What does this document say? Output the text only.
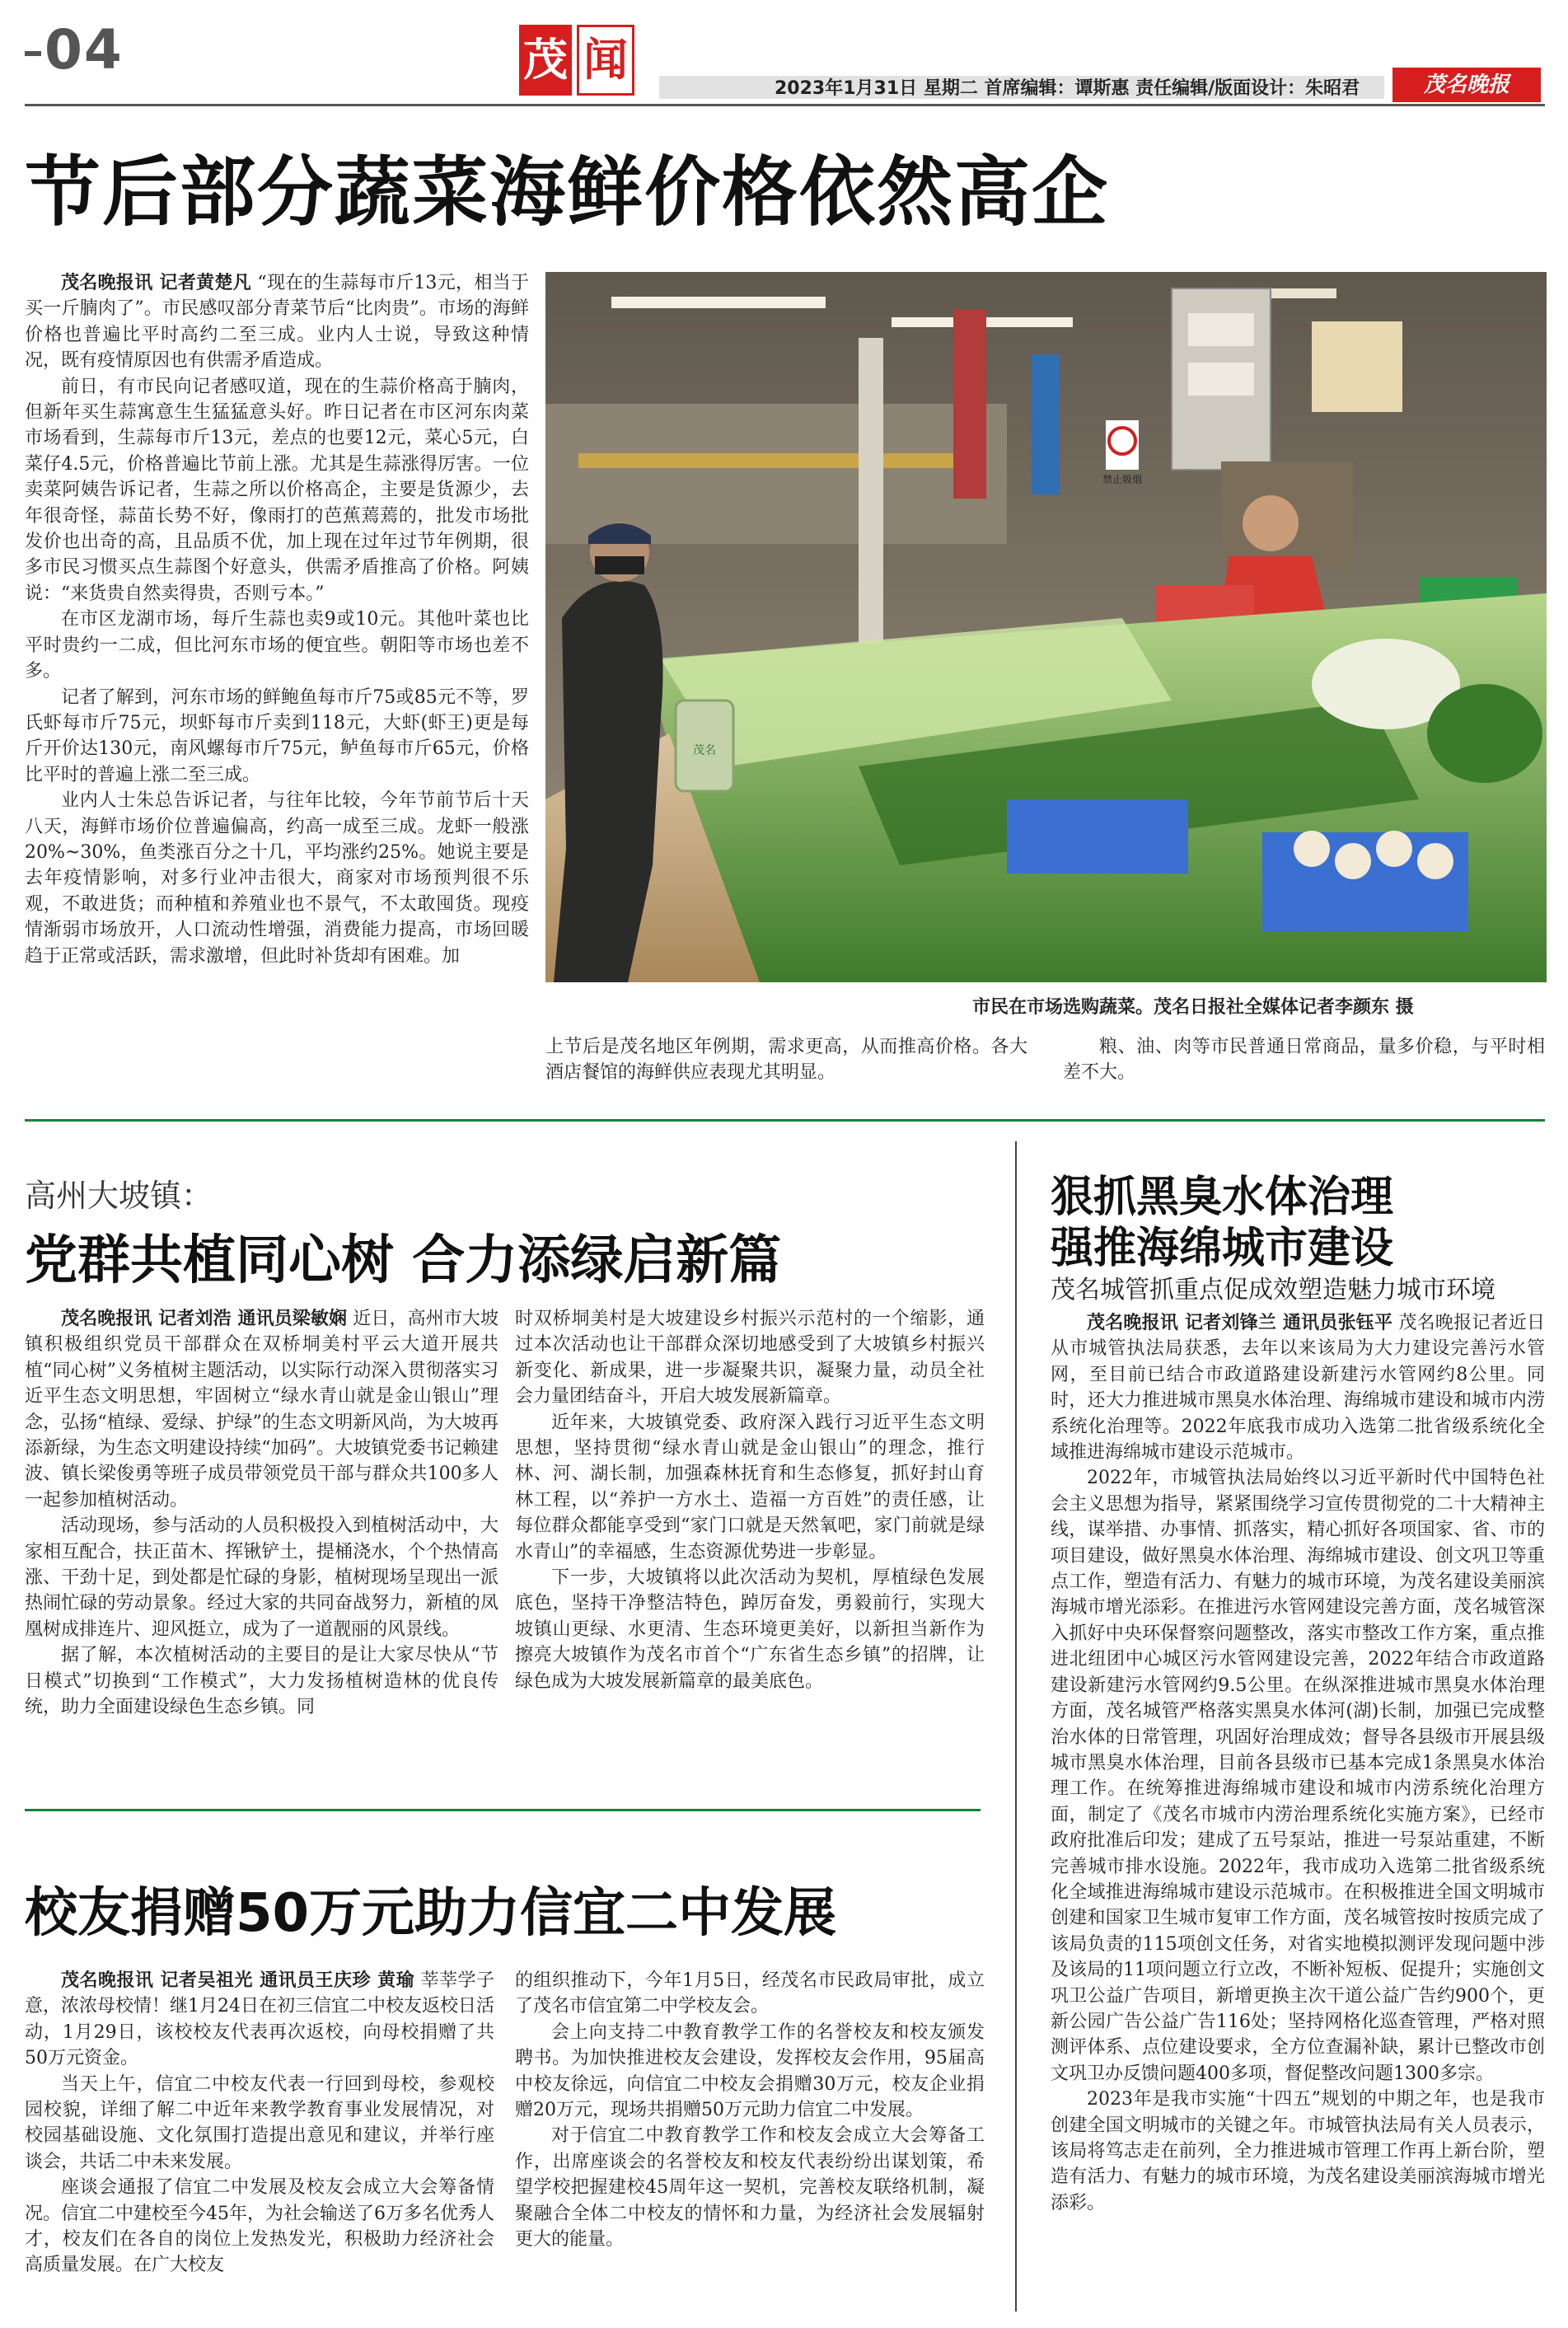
04	茂 闻
2023年1月31日 星期二 首席编辑：谭斯惠 责任编辑/版面设计：朱昭君	茂名晚报
节后部分蔬菜海鲜价格依然高企

茂名晚报讯 记者黄楚凡 “现在的生蒜每市斤13元，相当于买一斤腩肉了”。市民感叹部分青菜节后“比肉贵”。市场的海鲜价格也普遍比平时高约二至三成。业内人士说，导致这种情况，既有疫情原因也有供需矛盾造成。

前日，有市民向记者感叹道，现在的生蒜价格高于腩肉，但新年买生蒜寓意生生猛猛意头好。昨日记者在市区河东肉菜市场看到，生蒜每市斤13元，差点的也要12元，菜心5元，白菜仔4.5元，价格普遍比节前上涨。尤其是生蒜涨得厉害。一位卖菜阿姨告诉记者，生蒜之所以价格高企，主要是货源少，去年很奇怪，蒜苗长势不好，像雨打的芭蕉蔫蔫的，批发市场批发价也出奇的高，且品质不优，加上现在过年过节年例期，很多市民习惯买点生蒜图个好意头，供需矛盾推高了价格。阿姨说：“来货贵自然卖得贵，否则亏本。”

在市区龙湖市场，每斤生蒜也卖9或10元。其他叶菜也比平时贵约一二成，但比河东市场的便宜些。朝阳等市场也差不多。

记者了解到，河东市场的鲜鲍鱼每市斤75或85元不等，罗氏虾每市斤75元，坝虾每市斤卖到118元，大虾(虾王)更是每斤开价达130元，南风螺每市斤75元，鲈鱼每市斤65元，价格比平时的普遍上涨二至三成。

业内人士朱总告诉记者，与往年比较，今年节前节后十天八天，海鲜市场价位普遍偏高，约高一成至三成。龙虾一般涨20%~30%，鱼类涨百分之十几，平均涨约25%。她说主要是去年疫情影响，对多行业冲击很大，商家对市场预判很不乐观，不敢进货；而种植和养殖业也不景气，不太敢囤货。现疫情渐弱市场放开，人口流动性增强，消费能力提高，市场回暖趋于正常或活跃，需求激增，但此时补货却有困难。加

禁止吸烟
茂名
市民在市场选购蔬菜。茂名日报社全媒体记者李颜东 摄

上节后是茂名地区年例期，需求更高，从而推高价格。各大酒店餐馆的海鲜供应表现尤其明显。

粮、油、肉等市民普通日常商品，量多价稳，与平时相差不大。

高州大坡镇：
党群共植同心树 合力添绿启新篇

茂名晚报讯 记者刘浩 通讯员梁敏娴 近日，高州市大坡镇积极组织党员干部群众在双桥垌美村平云大道开展共植“同心树”义务植树主题活动，以实际行动深入贯彻落实习近平生态文明思想，牢固树立“绿水青山就是金山银山”理念，弘扬“植绿、爱绿、护绿”的生态文明新风尚，为大坡再添新绿，为生态文明建设持续“加码”。大坡镇党委书记赖建波、镇长梁俊勇等班子成员带领党员干部与群众共100多人一起参加植树活动。

活动现场，参与活动的人员积极投入到植树活动中，大家相互配合，扶正苗木、挥锹铲土，提桶浇水，个个热情高涨、干劲十足，到处都是忙碌的身影，植树现场呈现出一派热闹忙碌的劳动景象。经过大家的共同奋战努力，新植的凤凰树成排连片、迎风挺立，成为了一道靓丽的风景线。

据了解，本次植树活动的主要目的是让大家尽快从“节日模式”切换到“工作模式”，大力发扬植树造林的优良传统，助力全面建设绿色生态乡镇。同

时双桥垌美村是大坡建设乡村振兴示范村的一个缩影，通过本次活动也让干部群众深切地感受到了大坡镇乡村振兴新变化、新成果，进一步凝聚共识，凝聚力量，动员全社会力量团结奋斗，开启大坡发展新篇章。

近年来，大坡镇党委、政府深入践行习近平生态文明思想，坚持贯彻“绿水青山就是金山银山”的理念，推行林、河、湖长制，加强森林抚育和生态修复，抓好封山育林工程，以“养护一方水土、造福一方百姓”的责任感，让每位群众都能享受到“家门口就是天然氧吧，家门前就是绿水青山”的幸福感，生态资源优势进一步彰显。

下一步，大坡镇将以此次活动为契机，厚植绿色发展底色，坚持干净整洁特色，踔厉奋发，勇毅前行，实现大坡镇山更绿、水更清、生态环境更美好，以新担当新作为擦亮大坡镇作为茂名市首个“广东省生态乡镇”的招牌，让绿色成为大坡发展新篇章的最美底色。

校友捐赠50万元助力信宜二中发展

茂名晚报讯 记者吴祖光 通讯员王庆珍 黄瑜 莘莘学子意，浓浓母校情！继1月24日在初三信宜二中校友返校日活动，1月29日，该校校友代表再次返校，向母校捐赠了共50万元资金。

当天上午，信宜二中校友代表一行回到母校，参观校园校貌，详细了解二中近年来教学教育事业发展情况，对校园基础设施、文化氛围打造提出意见和建议，并举行座谈会，共话二中未来发展。

座谈会通报了信宜二中发展及校友会成立大会筹备情况。信宜二中建校至今45年，为社会输送了6万多名优秀人才，校友们在各自的岗位上发热发光，积极助力经济社会高质量发展。在广大校友

的组织推动下，今年1月5日，经茂名市民政局审批，成立了茂名市信宜第二中学校友会。

会上向支持二中教育教学工作的名誉校友和校友颁发聘书。为加快推进校友会建设，发挥校友会作用，95届高中校友徐远，向信宜二中校友会捐赠30万元，校友企业捐赠20万元，现场共捐赠50万元助力信宜二中发展。

对于信宜二中教育教学工作和校友会成立大会筹备工作，出席座谈会的名誉校友和校友代表纷纷出谋划策，希望学校把握建校45周年这一契机，完善校友联络机制，凝聚融合全体二中校友的情怀和力量，为经济社会发展辐射更大的能量。

狠抓黑臭水体治理
强推海绵城市建设
茂名城管抓重点促成效塑造魅力城市环境

茂名晚报讯 记者刘锋兰 通讯员张钰平 茂名晚报记者近日从市城管执法局获悉，去年以来该局为大力建设完善污水管网，至目前已结合市政道路建设新建污水管网约8公里。同时，还大力推进城市黑臭水体治理、海绵城市建设和城市内涝系统化治理等。2022年底我市成功入选第二批省级系统化全域推进海绵城市建设示范城市。

2022年，市城管执法局始终以习近平新时代中国特色社会主义思想为指导，紧紧围绕学习宣传贯彻党的二十大精神主线，谋举措、办事情、抓落实，精心抓好各项国家、省、市的项目建设，做好黑臭水体治理、海绵城市建设、创文巩卫等重点工作，塑造有活力、有魅力的城市环境，为茂名建设美丽滨海城市增光添彩。在推进污水管网建设完善方面，茂名城管深入抓好中央环保督察问题整改，落实市整改工作方案，重点推进北纽团中心城区污水管网建设完善，2022年结合市政道路建设新建污水管网约9.5公里。在纵深推进城市黑臭水体治理方面，茂名城管严格落实黑臭水体河(湖)长制，加强已完成整治水体的日常管理，巩固好治理成效；督导各县级市开展县级城市黑臭水体治理，目前各县级市已基本完成1条黑臭水体治理工作。在统筹推进海绵城市建设和城市内涝系统化治理方面，制定了《茂名市城市内涝治理系统化实施方案》，已经市政府批准后印发；建成了五号泵站，推进一号泵站重建，不断完善城市排水设施。2022年，我市成功入选第二批省级系统化全域推进海绵城市建设示范城市。在积极推进全国文明城市创建和国家卫生城市复审工作方面，茂名城管按时按质完成了该局负责的115项创文任务，对省实地模拟测评发现问题中涉及该局的11项问题立行立改，不断补短板、促提升；实施创文巩卫公益广告项目，新增更换主次干道公益广告约900个，更新公园广告公益广告116处；坚持网格化巡查管理，严格对照测评体系、点位建设要求，全方位查漏补缺，累计已整改市创文巩卫办反馈问题400多项，督促整改问题1300多宗。

2023年是我市实施“十四五”规划的中期之年，也是我市创建全国文明城市的关键之年。市城管执法局有关人员表示，该局将笃志走在前列，全力推进城市管理工作再上新台阶，塑造有活力、有魅力的城市环境，为茂名建设美丽滨海城市增光添彩。
